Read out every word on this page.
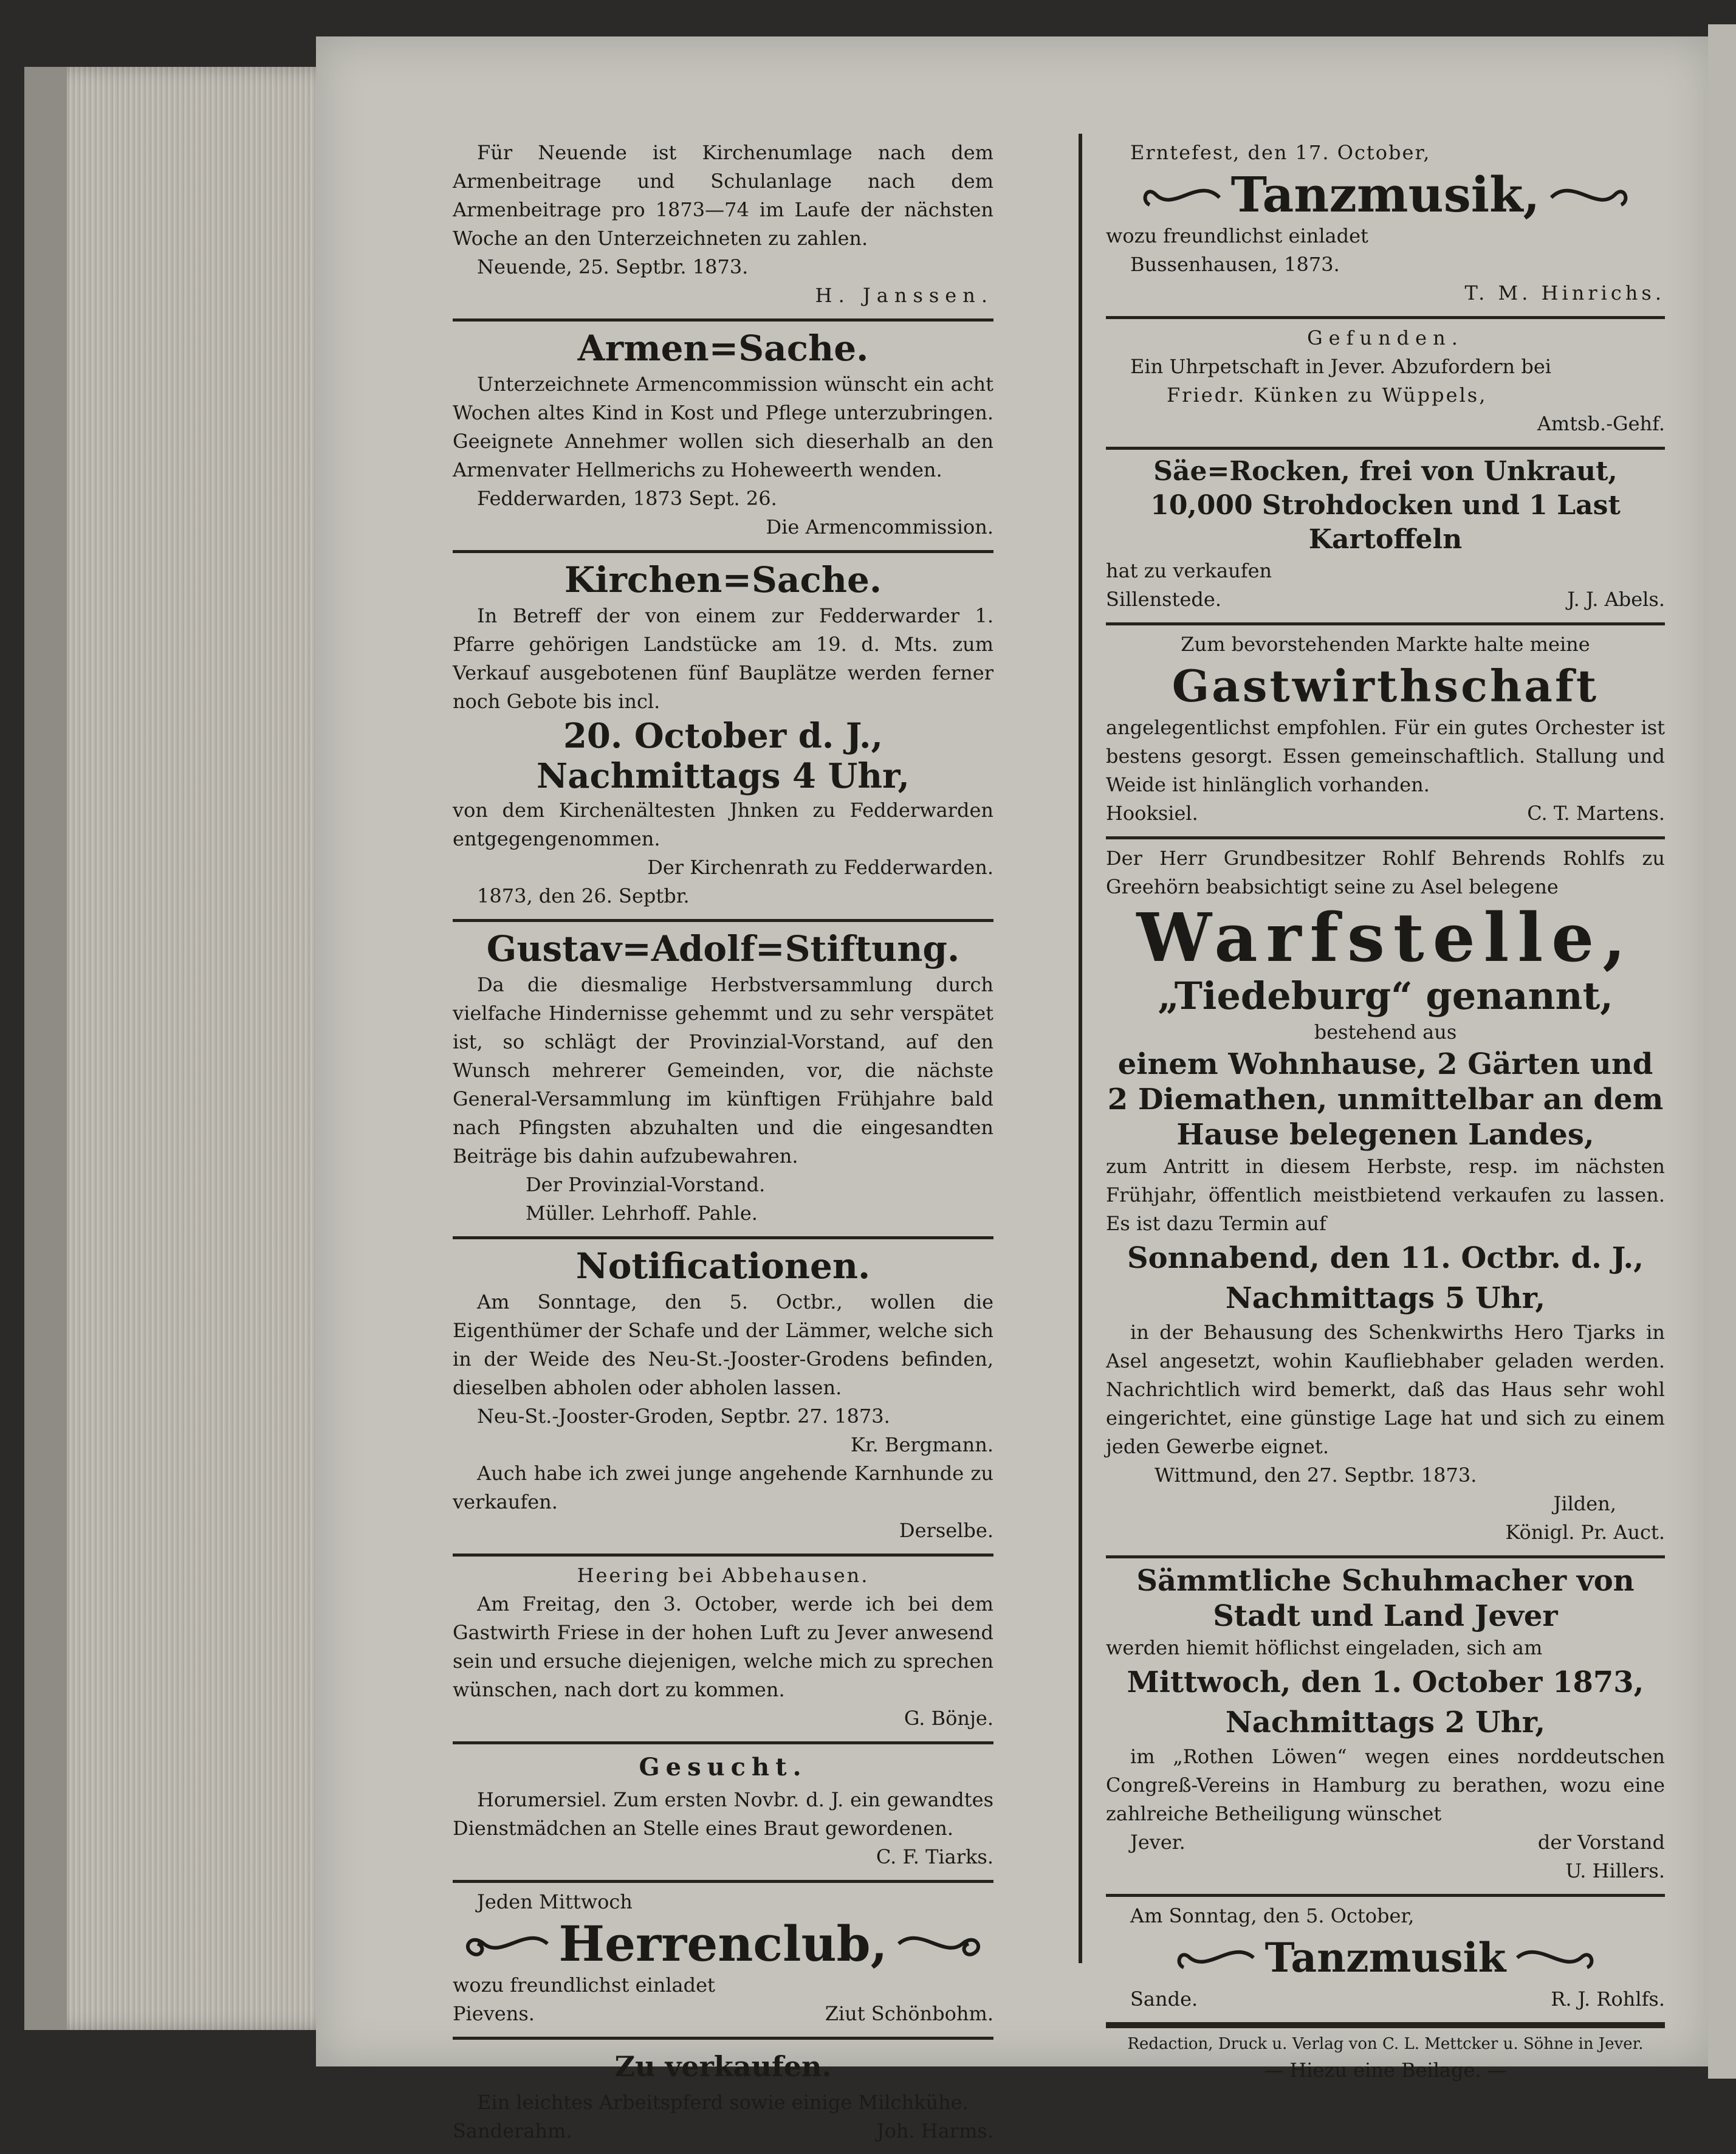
Für Neuende ist Kirchenumlage nach dem Armenbeitrage und Schulanlage nach dem Armenbeitrage pro 1873—74 im Laufe der nächsten Woche an den Unterzeichneten zu zahlen.

Neuende, 25. Septbr. 1873.

H. Janssen.

Armen=Sache.

Unterzeichnete Armencommission wünscht ein acht Wochen altes Kind in Kost und Pflege unterzubringen. Geeignete Annehmer wollen sich dieserhalb an den Armenvater Hellmerichs zu Hoheweerth wenden.

Fedderwarden, 1873 Sept. 26.

Die Armencommission.

Kirchen=Sache.

In Betreff der von einem zur Fedderwarder 1. Pfarre gehörigen Landstücke am 19. d. Mts. zum Verkauf ausgebotenen fünf Bauplätze werden ferner noch Gebote bis incl.

20. October d. J.,
Nachmittags 4 Uhr,

von dem Kirchenältesten Jhnken zu Fedderwarden entgegengenommen.

Der Kirchenrath zu Fedderwarden.

1873, den 26. Septbr.

Gustav=Adolf=Stiftung.

Da die diesmalige Herbstversammlung durch vielfache Hindernisse gehemmt und zu sehr verspätet ist, so schlägt der Provinzial-Vorstand, auf den Wunsch mehrerer Gemeinden, vor, die nächste General-Versammlung im künftigen Frühjahre bald nach Pfingsten abzuhalten und die eingesandten Beiträge bis dahin aufzubewahren.

Der Provinzial-Vorstand.

Müller. Lehrhoff. Pahle.

Notificationen.

Am Sonntage, den 5. Octbr., wollen die Eigenthümer der Schafe und der Lämmer, welche sich in der Weide des Neu-St.-Jooster-Grodens befinden, dieselben abholen oder abholen lassen.

Neu-St.-Jooster-Groden, Septbr. 27. 1873.

Kr. Bergmann.

Auch habe ich zwei junge angehende Karnhunde zu verkaufen.

Derselbe.

Heering bei Abbehausen.

Am Freitag, den 3. October, werde ich bei dem Gastwirth Friese in der hohen Luft zu Jever anwesend sein und ersuche diejenigen, welche mich zu sprechen wünschen, nach dort zu kommen.

G. Bönje.

Gesucht.

Horumersiel. Zum ersten Novbr. d. J. ein gewandtes Dienstmädchen an Stelle eines Braut gewordenen.

C. F. Tiarks.

Jeden Mittwoch

Herrenclub,

wozu freundlichst einladet

Pievens.	Ziut Schönbohm.
Zu verkaufen.

Ein leichtes Arbeitspferd sowie einige Milchkühe.

Sanderahm.	Joh. Harms.

Erntefest, den 17. October,

Tanzmusik,

wozu freundlichst einladet

Bussenhausen, 1873.

T. M. Hinrichs.

Gefunden.

Ein Uhrpetschaft in Jever. Abzufordern bei

Friedr. Künken zu Wüppels,

Amtsb.-Gehf.

Säe=Rocken, frei von Unkraut, 10,000 Strohdocken und 1 Last Kartoffeln

hat zu verkaufen

Sillenstede.	J. J. Abels.

Zum bevorstehenden Markte halte meine

Gastwirthschaft

angelegentlichst empfohlen. Für ein gutes Orchester ist bestens gesorgt. Essen gemeinschaftlich. Stallung und Weide ist hinlänglich vorhanden.

Hooksiel.	C. T. Martens.

Der Herr Grundbesitzer Rohlf Behrends Rohlfs zu Greehörn beabsichtigt seine zu Asel belegene

Warfstelle,
„Tiedeburg“ genannt,

bestehend aus

einem Wohnhause, 2 Gärten und 2 Diemathen, unmittelbar an dem Hause belegenen Landes,

zum Antritt in diesem Herbste, resp. im nächsten Frühjahr, öffentlich meistbietend verkaufen zu lassen. Es ist dazu Termin auf

Sonnabend, den 11. Octbr. d. J.,
Nachmittags 5 Uhr,

in der Behausung des Schenkwirths Hero Tjarks in Asel angesetzt, wohin Kaufliebhaber geladen werden. Nachrichtlich wird bemerkt, daß das Haus sehr wohl eingerichtet, eine günstige Lage hat und sich zu einem jeden Gewerbe eignet.

Wittmund, den 27. Septbr. 1873.

Jilden,

Königl. Pr. Auct.

Sämmtliche Schuhmacher von Stadt und Land Jever

werden hiemit höflichst eingeladen, sich am

Mittwoch, den 1. October 1873,
Nachmittags 2 Uhr,

im „Rothen Löwen“ wegen eines norddeutschen Congreß-Vereins in Hamburg zu berathen, wozu eine zahlreiche Betheiligung wünschet

Jever.	der Vorstand

U. Hillers.

Am Sonntag, den 5. October,

Tanzmusik
Sande.	R. J. Rohlfs.

Redaction, Druck u. Verlag von C. L. Mettcker u. Söhne in Jever.

— Hiezu eine Beilage. —
